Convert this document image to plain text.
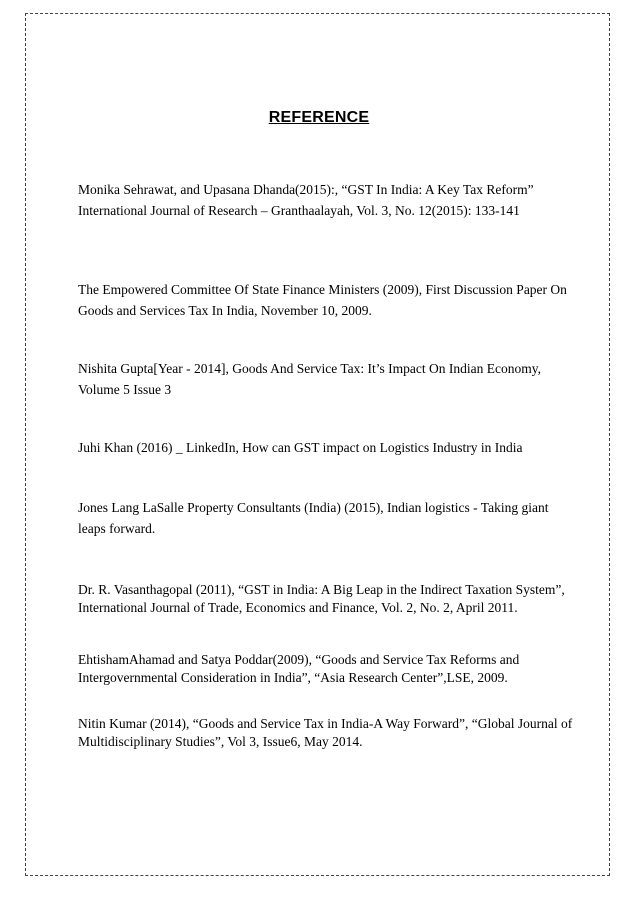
REFERENCE

Monika Sehrawat, and Upasana Dhanda(2015):, “GST In India: A Key Tax Reform” International Journal of Research – Granthaalayah, Vol. 3, No. 12(2015): 133-141

The Empowered Committee Of State Finance Ministers (2009), First Discussion Paper On Goods and Services Tax In India, November 10, 2009.

Nishita Gupta[Year - 2014], Goods And Service Tax: It’s Impact On Indian Economy, Volume 5 Issue 3

Juhi Khan (2016) _ LinkedIn, How can GST impact on Logistics Industry in India

Jones Lang LaSalle Property Consultants (India) (2015), Indian logistics - Taking giant leaps forward.

Dr. R. Vasanthagopal (2011), “GST in India: A Big Leap in the Indirect Taxation System”, International Journal of Trade, Economics and Finance, Vol. 2, No. 2, April 2011.

EhtishamAhamad and Satya Poddar(2009), “Goods and Service Tax Reforms and Intergovernmental Consideration in India”, “Asia Research Center”,LSE, 2009.

Nitin Kumar (2014), “Goods and Service Tax in India-A Way Forward”, “Global Journal of Multidisciplinary Studies”, Vol 3, Issue6, May 2014.
